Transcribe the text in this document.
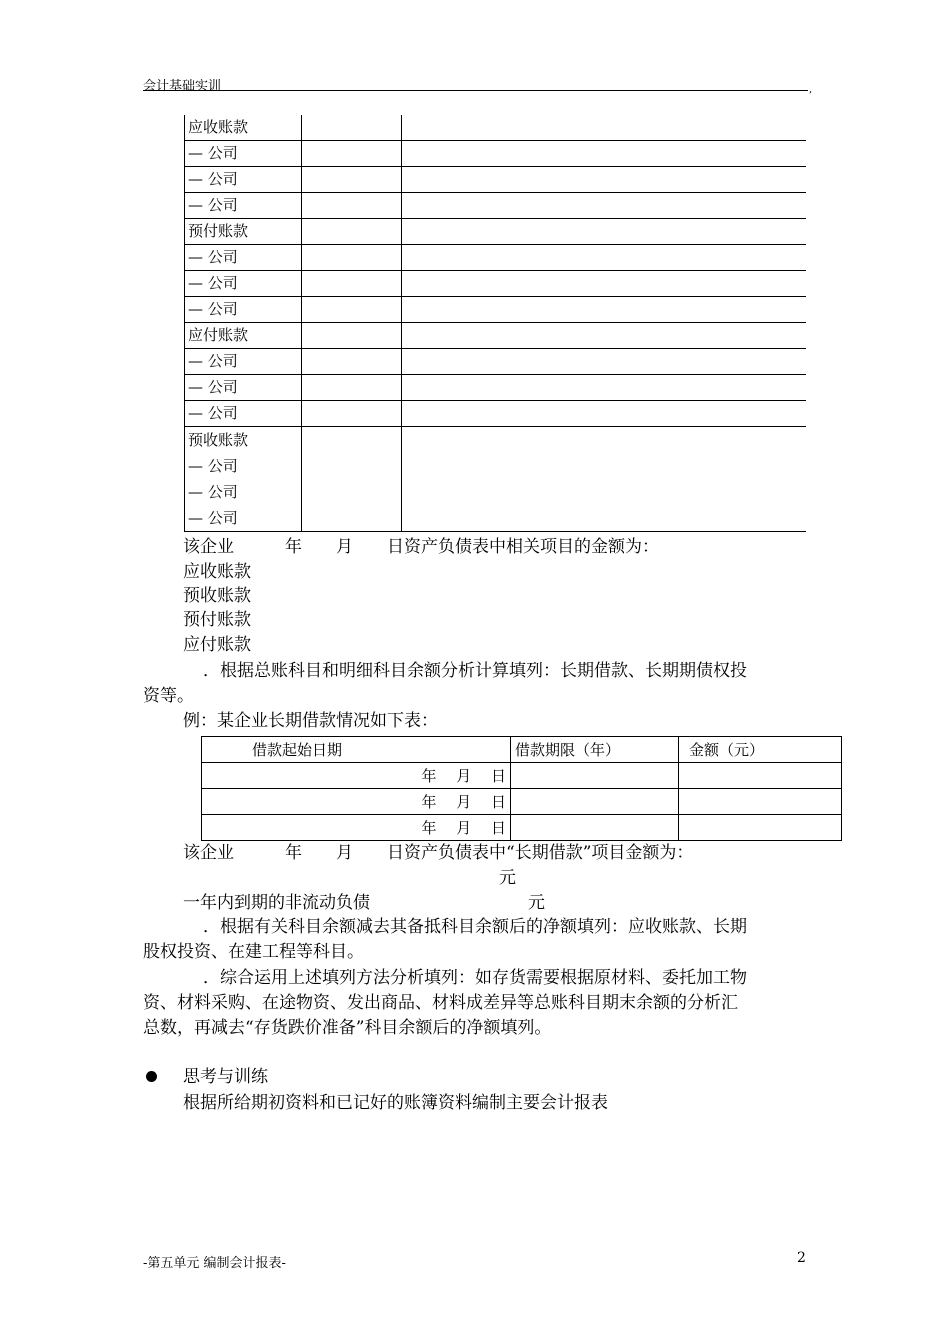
会计基础实训	,
应收账款		
— 公司		
— 公司		
— 公司		
预付账款		
— 公司		
— 公司		
— 公司		
应付账款		
— 公司		
— 公司		
— 公司		

预收账款
— 公司
— 公司
— 公司		

该企业　　　年　　月　　日资产负债表中相关项目的金额为：
应收账款
预收账款
预付账款
应付账款
．根据总账科目和明细科目余额分析计算填列：长期借款、长期期债权投
资等。
例：某企业长期借款情况如下表：
借款起始日期	借款期限（年）	金额（元）
年　 月　 日		
年　 月　 日		
年　 月　 日		
该企业　　　年　　月　　日资产负债表中“长期借款”项目金额为：
元
一年内到期的非流动负债	元
．根据有关科目余额减去其备抵科目余额后的净额填列：应收账款、长期
股权投资、在建工程等科目。
．综合运用上述填列方法分析填列：如存货需要根据原材料、委托加工物
资、材料采购、在途物资、发出商品、材料成差异等总账科目期末余额的分析汇
总数，再减去“存货跌价准备”科目余额后的净额填列。
思考与训练
根据所给期初资料和已记好的账簿资料编制主要会计报表
-第五单元 编制会计报表-	2
